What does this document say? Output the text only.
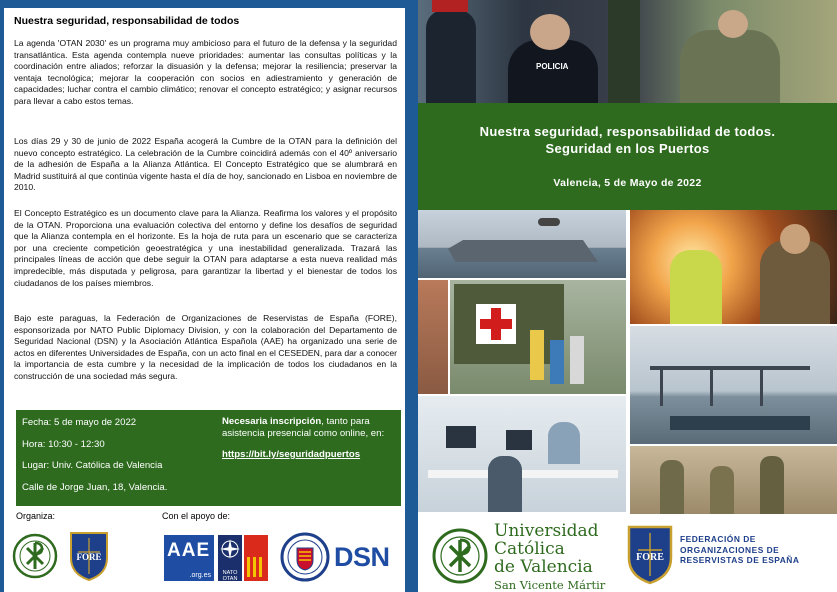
Nuestra seguridad, responsabilidad de todos

La agenda 'OTAN 2030' es un programa muy ambicioso para el futuro de la defensa y la seguridad transatlántica. Esta agenda contempla nueve prioridades: aumentar las consultas políticas y la coordinación entre aliados; reforzar la disuasión y la defensa; mejorar la resiliencia; preservar la ventaja tecnológica; mejorar la cooperación con socios en adiestramiento y generación de capacidades; luchar contra el cambio climático; renovar el concepto estratégico; y asignar recursos para llevar a cabo estos temas.

Los días 29 y 30 de junio de 2022 España acogerá la Cumbre de la OTAN para la definición del nuevo concepto estratégico. La celebración de la Cumbre coincidirá además con el 40º aniversario de la adhesión de España a la Alianza Atlántica. El Concepto Estratégico que se alumbrará en Madrid sustituirá al que continúa vigente hasta el día de hoy, sancionado en Lisboa en noviembre de 2010.

El Concepto Estratégico es un documento clave para la Alianza. Reafirma los valores y el propósito de la OTAN. Proporciona una evaluación colectiva del entorno y define los desafíos de seguridad que la Alianza contempla en el horizonte. Es la hoja de ruta para un escenario que se caracteriza por una creciente competición geoestratégica y una inestabilidad generalizada. Trazará las principales líneas de acción que debe seguir la OTAN para adaptarse a esta nueva realidad más impredecible, más disputada y peligrosa, para garantizar la libertad y el bienestar de todos los ciudadanos de los países miembros.

Bajo este paraguas, la Federación de Organizaciones de Reservistas de España (FORE), esponsorizada por NATO Public Diplomacy Division, y con la colaboración del Departamento de Seguridad Nacional (DSN) y la Asociación Atlántica Española (AAE) ha organizado una serie de actos en diferentes Universidades de España, con un acto final en el CESEDEN, para dar a conocer la importancia de esta cumbre y la necesidad de la implicación de todos los ciudadanos en la construcción de una sociedad más segura.

Fecha: 5 de mayo de 2022
Hora: 10:30 - 12:30
Lugar: Univ. Católica de Valencia
Calle de Jorge Juan, 18, Valencia.
Necesaria inscripción, tanto para asistencia presencial como online, en:
https://bit.ly/seguridadpuertos
Organiza:	Con el apoyo de:
FORE	AAE
.org.es	NATO OTAN
DSN
POLICIA
Nuestra seguridad, responsabilidad de todos.
Seguridad en los Puertos
Valencia, 5 de Mayo de 2022
Universidad
Católica
de Valencia
San Vicente Mártir
FORE
FEDERACIÓN DE
ORGANIZACIONES DE
RESERVISTAS DE ESPAÑA
